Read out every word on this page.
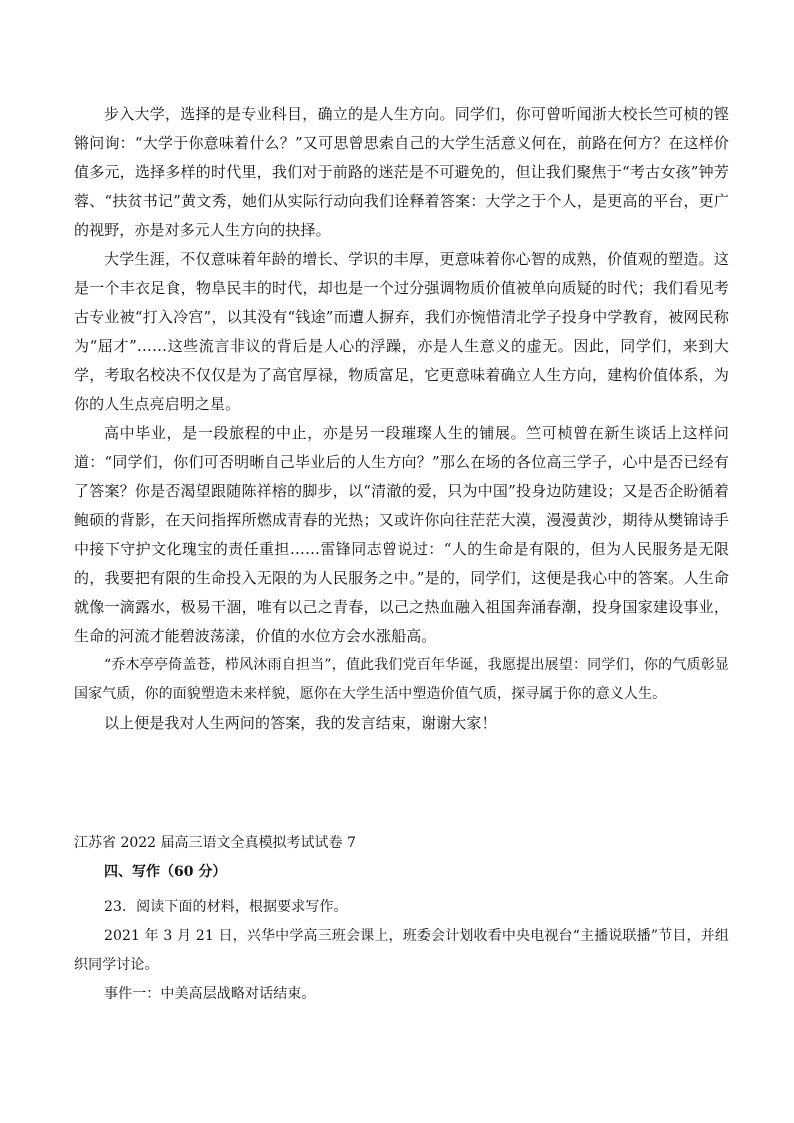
步入大学，选择的是专业科目，确立的是人生方向。同学们，你可曾听闻浙大校长竺可桢的铿锵问询：“大学于你意味着什么？”又可思曾思索自己的大学生活意义何在，前路在何方？在这样价值多元，选择多样的时代里，我们对于前路的迷茫是不可避免的，但让我们聚焦于“考古女孩”钟芳蓉、“扶贫书记”黄文秀，她们从实际行动向我们诠释着答案：大学之于个人，是更高的平台，更广的视野，亦是对多元人生方向的抉择。

大学生涯，不仅意味着年龄的增长、学识的丰厚，更意味着你心智的成熟，价值观的塑造。这是一个丰衣足食，物阜民丰的时代，却也是一个过分强调物质价值被单向质疑的时代；我们看见考古专业被“打入冷宫”，以其没有“钱途”而遭人摒弃，我们亦惋惜清北学子投身中学教育，被网民称为“屈才”……这些流言非议的背后是人心的浮躁，亦是人生意义的虚无。因此，同学们，来到大学，考取名校决不仅仅是为了高官厚禄，物质富足，它更意味着确立人生方向，建构价值体系，为你的人生点亮启明之星。

高中毕业，是一段旅程的中止，亦是另一段璀璨人生的铺展。竺可桢曾在新生谈话上这样问道：“同学们，你们可否明晰自己毕业后的人生方向？”那么在场的各位高三学子，心中是否已经有了答案？你是否渴望跟随陈祥榕的脚步，以“清澈的爱，只为中国”投身边防建设；又是否企盼循着鲍硕的背影，在天问指挥所燃成青春的光热；又或许你向往茫茫大漠，漫漫黄沙，期待从樊锦诗手中接下守护文化瑰宝的责任重担……雷锋同志曾说过：“人的生命是有限的，但为人民服务是无限的，我要把有限的生命投入无限的为人民服务之中。”是的，同学们，这便是我心中的答案。人生命就像一滴露水，极易干涸，唯有以己之青春，以己之热血融入祖国奔涌春潮，投身国家建设事业，生命的河流才能碧波荡漾，价值的水位方会水涨船高。

“乔木亭亭倚盖苍，栉风沐雨自担当”，值此我们党百年华诞，我愿提出展望：同学们，你的气质彰显国家气质，你的面貌塑造未来样貌，愿你在大学生活中塑造价值气质，探寻属于你的意义人生。

以上便是我对人生两问的答案，我的发言结束，谢谢大家！

江苏省 2022 届高三语文全真模拟考试试卷 7
四、写作（60 分）

23．阅读下面的材料，根据要求写作。

2021 年 3 月 21 日，兴华中学高三班会课上，班委会计划收看中央电视台“主播说联播”节目，并组织同学讨论。

事件一：中美高层战略对话结束。
